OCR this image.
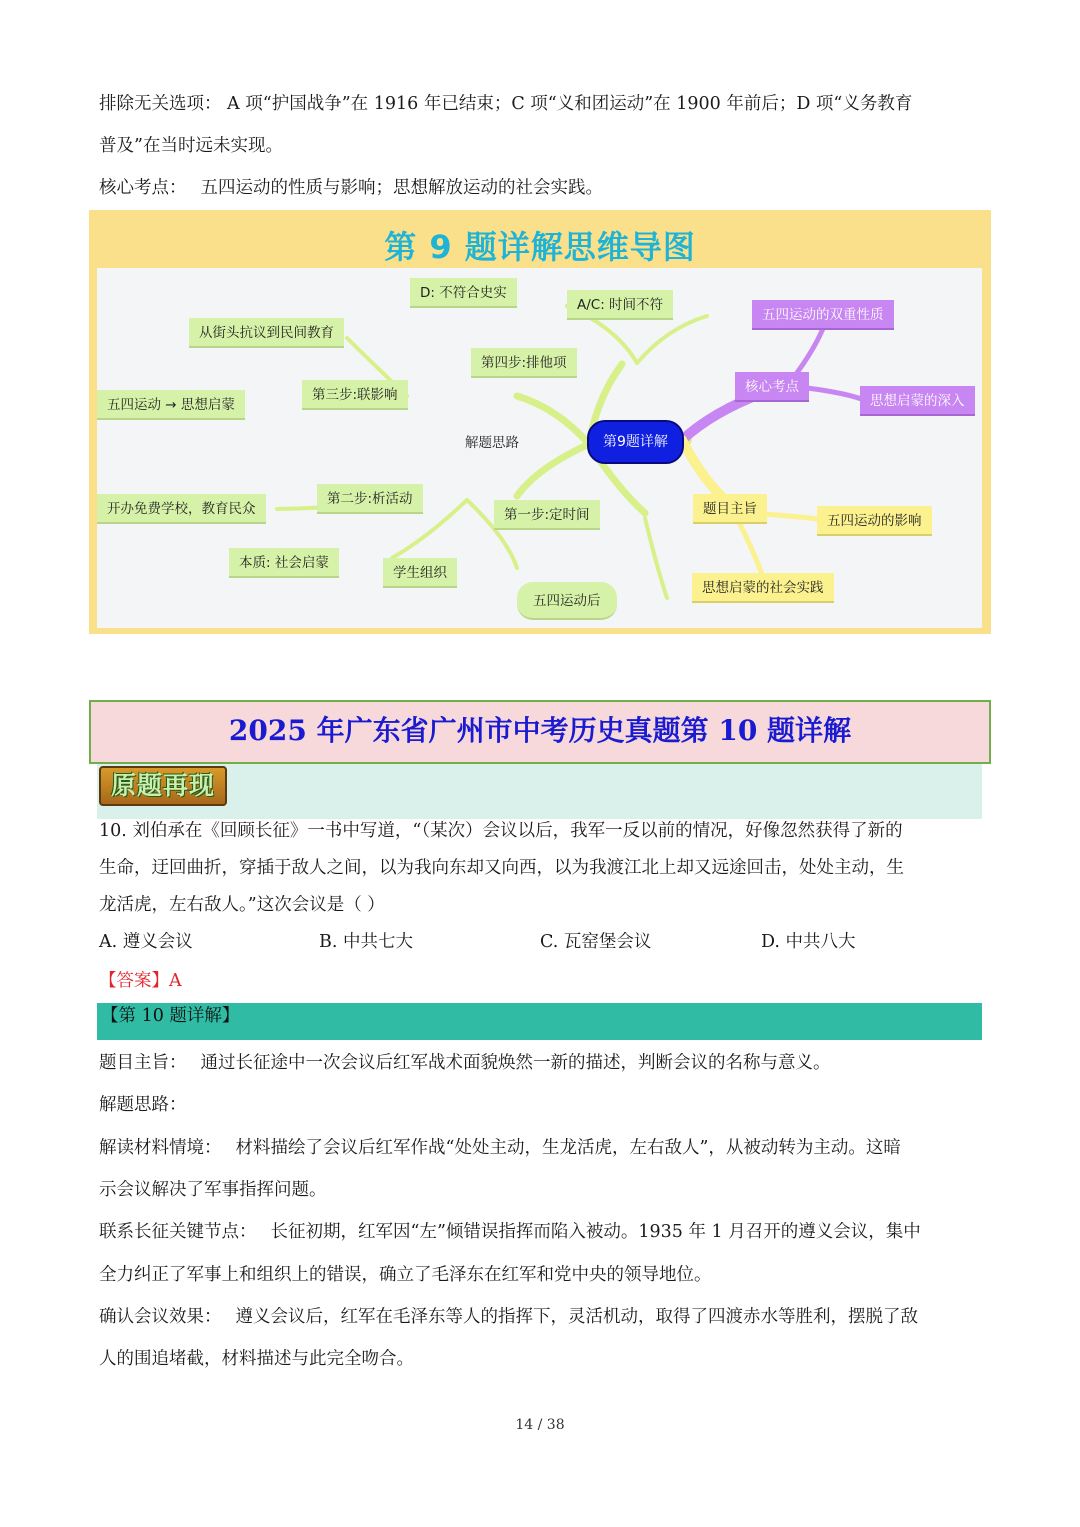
排除无关选项： A 项“护国战争”在 1916 年已结束；C 项“义和团运动”在 1900 年前后；D 项“义务教育
普及”在当时远未实现。
核心考点： 五四运动的性质与影响；思想解放运动的社会实践。
第 9 题详解思维导图
第9题详解
解题思路
第四步:排他项
D: 不符合史实
A/C: 时间不符
第三步:联影响
从街头抗议到民间教育
五四运动 → 思想启蒙
第二步:析活动
开办免费学校，教育民众
本质: 社会启蒙
学生组织
第一步:定时间
五四运动后
核心考点
五四运动的双重性质
思想启蒙的深入
题目主旨
五四运动的影响
思想启蒙的社会实践
2025 年广东省广州市中考历史真题第 10 题详解
原题再现
10. 刘伯承在《回顾长征》一书中写道，“（某次）会议以后，我军一反以前的情况，好像忽然获得了新的
生命，迂回曲折，穿插于敌人之间，以为我向东却又向西，以为我渡江北上却又远途回击，处处主动，生
龙活虎，左右敌人。”这次会议是（ ）
A. 遵义会议	B. 中共七大	C. 瓦窑堡会议	D. 中共八大
【答案】A
【第 10 题详解】
题目主旨： 通过长征途中一次会议后红军战术面貌焕然一新的描述，判断会议的名称与意义。
解题思路：
解读材料情境： 材料描绘了会议后红军作战“处处主动，生龙活虎，左右敌人”，从被动转为主动。这暗
示会议解决了军事指挥问题。
联系长征关键节点： 长征初期，红军因“左”倾错误指挥而陷入被动。1935 年 1 月召开的遵义会议，集中
全力纠正了军事上和组织上的错误，确立了毛泽东在红军和党中央的领导地位。
确认会议效果： 遵义会议后，红军在毛泽东等人的指挥下，灵活机动，取得了四渡赤水等胜利，摆脱了敌
人的围追堵截，材料描述与此完全吻合。
14 / 38
